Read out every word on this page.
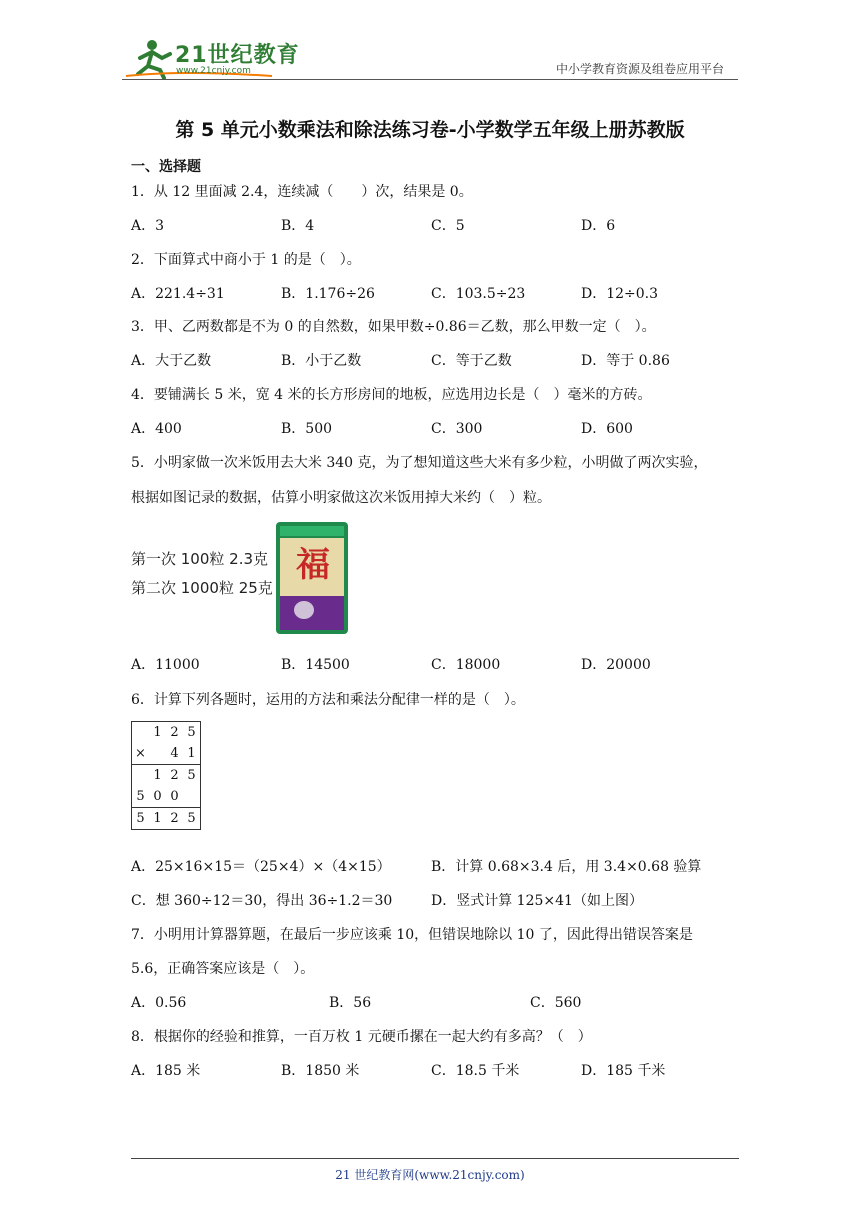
21世纪教育
www.21cnjy.com	中小学教育资源及组卷应用平台
第 5 单元小数乘法和除法练习卷-小学数学五年级上册苏教版
一、选择题
1．从 12 里面减 2.4，连续减（　　）次，结果是 0。
A．3	B．4	C．5	D．6
2．下面算式中商小于 1 的是（　）。
A．221.4÷31	B．1.176÷26	C．103.5÷23	D．12÷0.3
3．甲、乙两数都是不为 0 的自然数，如果甲数÷0.86＝乙数，那么甲数一定（　）。
A．大于乙数	B．小于乙数	C．等于乙数	D．等于 0.86
4．要铺满长 5 米，宽 4 米的长方形房间的地板，应选用边长是（　）毫米的方砖。
A．400	B．500	C．300	D．600
5．小明家做一次米饭用去大米 340 克，为了想知道这些大米有多少粒，小明做了两次实验，
根据如图记录的数据，估算小明家做这次米饭用掉大米约（　）粒。
第一次 100粒 2.3克
第二次 1000粒 25克
福
A．11000	B．14500	C．18000	D．20000
6．计算下列各题时，运用的方法和乘法分配律一样的是（　）。
	1	2	5
×		4	1
	1	2	5
5	0	0	
5	1	2	5
A．25×16×15＝（25×4）×（4×15）	B．计算 0.68×3.4 后，用 3.4×0.68 验算
C．想 360÷12＝30，得出 36÷1.2＝30	D．竖式计算 125×41（如上图）
7．小明用计算器算题，在最后一步应该乘 10，但错误地除以 10 了，因此得出错误答案是
5.6，正确答案应该是（　）。
A．0.56	B．56	C．560
8．根据你的经验和推算，一百万枚 1 元硬币摞在一起大约有多高？（　）
A．185 米	B．1850 米	C．18.5 千米	D．185 千米
21 世纪教育网(www.21cnjy.com)
